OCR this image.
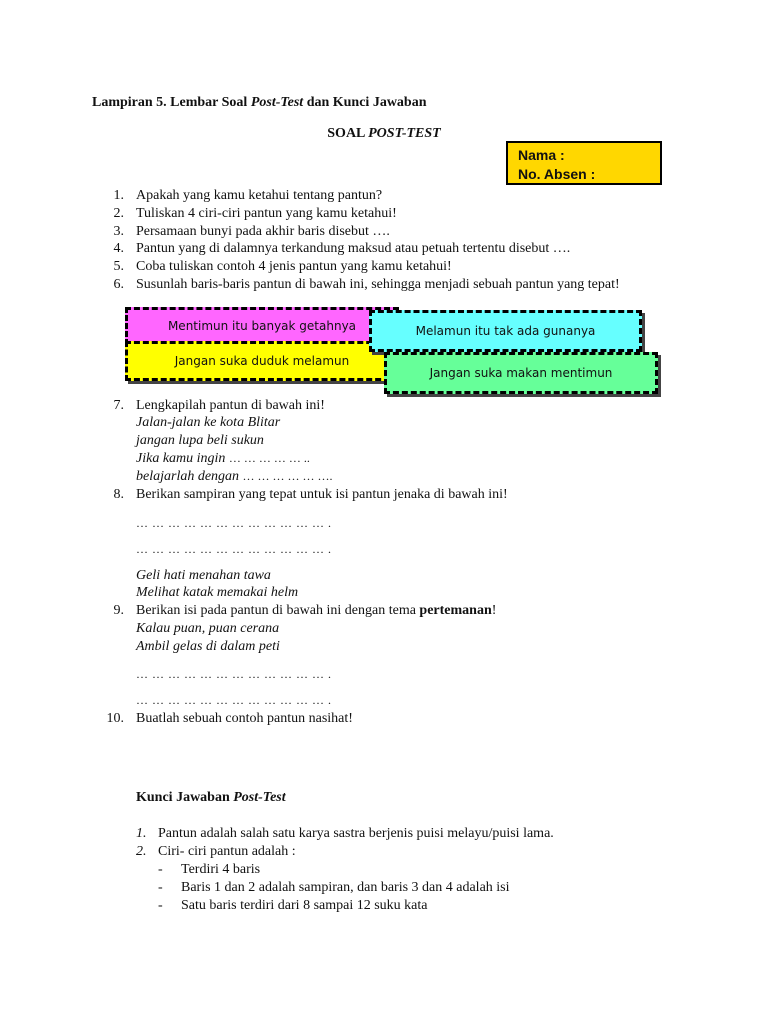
Lampiran 5. Lembar Soal Post-Test dan Kunci Jawaban
SOAL POST-TEST
Nama :
No. Absen :
1. Apakah yang kamu ketahui tentang pantun?
2. Tuliskan 4 ciri-ciri pantun yang kamu ketahui!
3. Persamaan bunyi pada akhir baris disebut ….
4. Pantun yang di dalamnya terkandung maksud atau petuah tertentu disebut ….
5. Coba tuliskan contoh 4 jenis pantun yang kamu ketahui!
6. Susunlah baris-baris pantun di bawah ini, sehingga menjadi sebuah pantun yang tepat!
Mentimun itu banyak getahnya
Jangan suka duduk melamun
Melamun itu tak ada gunanya
Jangan suka makan mentimun
7. Lengkapilah pantun di bawah ini!
Jalan-jalan ke kota Blitar
jangan lupa beli sukun
Jika kamu ingin … … … … … ..
belajarlah dengan … … … … … ….
8. Berikan sampiran yang tepat untuk isi pantun jenaka di bawah ini!
… … … … … … … … … … … … .
… … … … … … … … … … … … .
Geli hati menahan tawa
Melihat katak memakai helm
9. Berikan isi pada pantun di bawah ini dengan tema pertemanan!
Kalau puan, puan cerana
Ambil gelas di dalam peti
… … … … … … … … … … … … .
… … … … … … … … … … … … .
10. Buatlah sebuah contoh pantun nasihat!
Kunci Jawaban Post-Test
1. Pantun adalah salah satu karya sastra berjenis puisi melayu/puisi lama.
2. Ciri- ciri pantun adalah :
- Terdiri 4 baris
- Baris 1 dan 2 adalah sampiran, dan baris 3 dan 4 adalah isi
- Satu baris terdiri dari 8 sampai 12 suku kata
